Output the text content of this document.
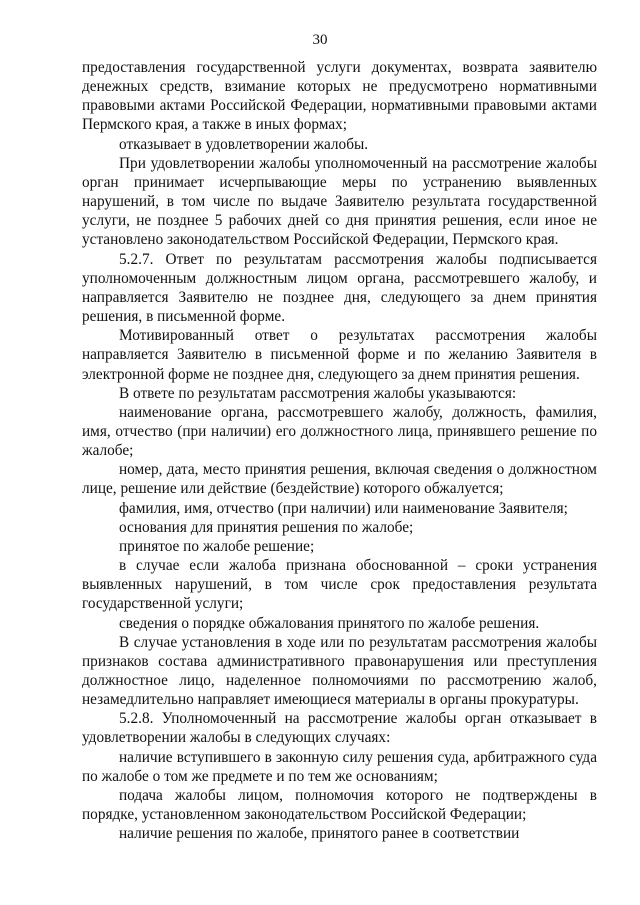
30

предоставления государственной услуги документах, возврата заявителю денежных средств, взимание которых не предусмотрено нормативными правовыми актами Российской Федерации, нормативными правовыми актами Пермского края, а также в иных формах;

отказывает в удовлетворении жалобы.

При удовлетворении жалобы уполномоченный на рассмотрение жалобы орган принимает исчерпывающие меры по устранению выявленных нарушений, в том числе по выдаче Заявителю результата государственной услуги, не позднее 5 рабочих дней со дня принятия решения, если иное не установлено законодательством Российской Федерации, Пермского края.

5.2.7. Ответ по результатам рассмотрения жалобы подписывается уполномоченным должностным лицом органа, рассмотревшего жалобу, и направляется Заявителю не позднее дня, следующего за днем принятия решения, в письменной форме.

Мотивированный ответ о результатах рассмотрения жалобы направляется Заявителю в письменной форме и по желанию Заявителя в электронной форме не позднее дня, следующего за днем принятия решения.

В ответе по результатам рассмотрения жалобы указываются:

наименование органа, рассмотревшего жалобу, должность, фамилия, имя, отчество (при наличии) его должностного лица, принявшего решение по жалобе;

номер, дата, место принятия решения, включая сведения о должностном лице, решение или действие (бездействие) которого обжалуется;

фамилия, имя, отчество (при наличии) или наименование Заявителя;

основания для принятия решения по жалобе;

принятое по жалобе решение;

в случае если жалоба признана обоснованной – сроки устранения выявленных нарушений, в том числе срок предоставления результата государственной услуги;

сведения о порядке обжалования принятого по жалобе решения.

В случае установления в ходе или по результатам рассмотрения жалобы признаков состава административного правонарушения или преступления должностное лицо, наделенное полномочиями по рассмотрению жалоб, незамедлительно направляет имеющиеся материалы в органы прокуратуры.

5.2.8. Уполномоченный на рассмотрение жалобы орган отказывает в удовлетворении жалобы в следующих случаях:

наличие вступившего в законную силу решения суда, арбитражного суда по жалобе о том же предмете и по тем же основаниям;

подача жалобы лицом, полномочия которого не подтверждены в порядке, установленном законодательством Российской Федерации;

наличие решения по жалобе, принятого ранее в соответствии
